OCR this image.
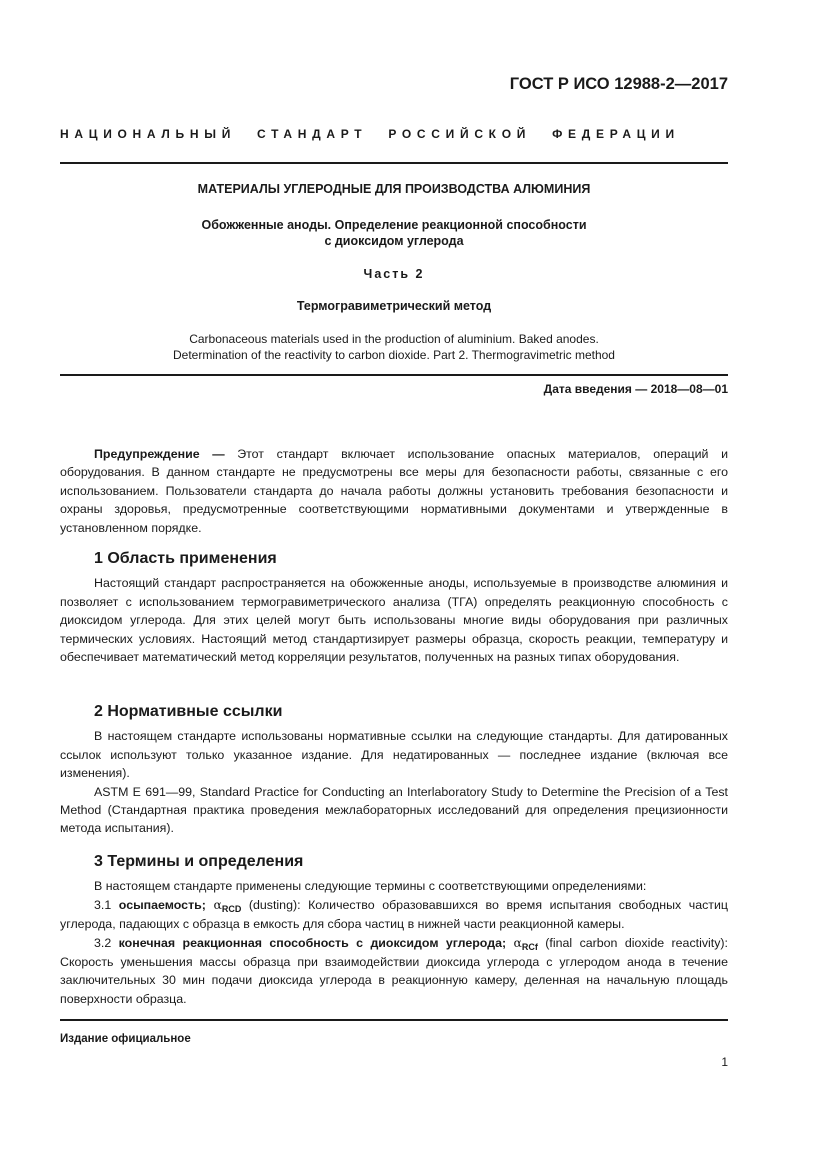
ГОСТ Р ИСО 12988-2—2017
НАЦИОНАЛЬНЫЙ СТАНДАРТ РОССИЙСКОЙ ФЕДЕРАЦИИ
МАТЕРИАЛЫ УГЛЕРОДНЫЕ ДЛЯ ПРОИЗВОДСТВА АЛЮМИНИЯ
Обожженные аноды. Определение реакционной способности
с диоксидом углерода
Часть 2
Термогравиметрический метод
Carbonaceous materials used in the production of aluminium. Baked anodes.
Determination of the reactivity to carbon dioxide. Part 2. Thermogravimetric method
Дата введения — 2018—08—01

Предупреждение — Этот стандарт включает использование опасных материалов, операций и оборудования. В данном стандарте не предусмотрены все меры для безопасности работы, связанные с его использованием. Пользователи стандарта до начала работы должны установить требования безопасности и охраны здоровья, предусмотренные соответствующими нормативными документами и утвержденные в установленном порядке.

1 Область применения

Настоящий стандарт распространяется на обожженные аноды, используемые в производстве алюминия и позволяет с использованием термогравиметрического анализа (ТГА) определять реакционную способность с диоксидом углерода. Для этих целей могут быть использованы многие виды оборудования при различных термических условиях. Настоящий метод стандартизирует размеры образца, скорость реакции, температуру и обеспечивает математический метод корреляции результатов, полученных на разных типах оборудования.

2 Нормативные ссылки

В настоящем стандарте использованы нормативные ссылки на следующие стандарты. Для датированных ссылок используют только указанное издание. Для недатированных — последнее издание (включая все изменения).

ASTM E 691—99, Standard Practice for Conducting an Interlaboratory Study to Determine the Precision of a Test Method (Стандартная практика проведения межлабораторных исследований для определения прецизионности метода испытания).

3 Термины и определения

В настоящем стандарте применены следующие термины с соответствующими определениями:

3.1 осыпаемость; $\alpha_{RCD}$ (dusting): Количество образовавшихся во время испытания свободных частиц углерода, падающих с образца в емкость для сбора частиц в нижней части реакционной камеры.

3.2 конечная реакционная способность с диоксидом углерода; $\alpha_{RCf}$ (final carbon dioxide reactivity): Скорость уменьшения массы образца при взаимодействии диоксида углерода с углеродом анода в течение заключительных 30 мин подачи диоксида углерода в реакционную камеру, деленная на начальную площадь поверхности образца.

Издание официальное
1
